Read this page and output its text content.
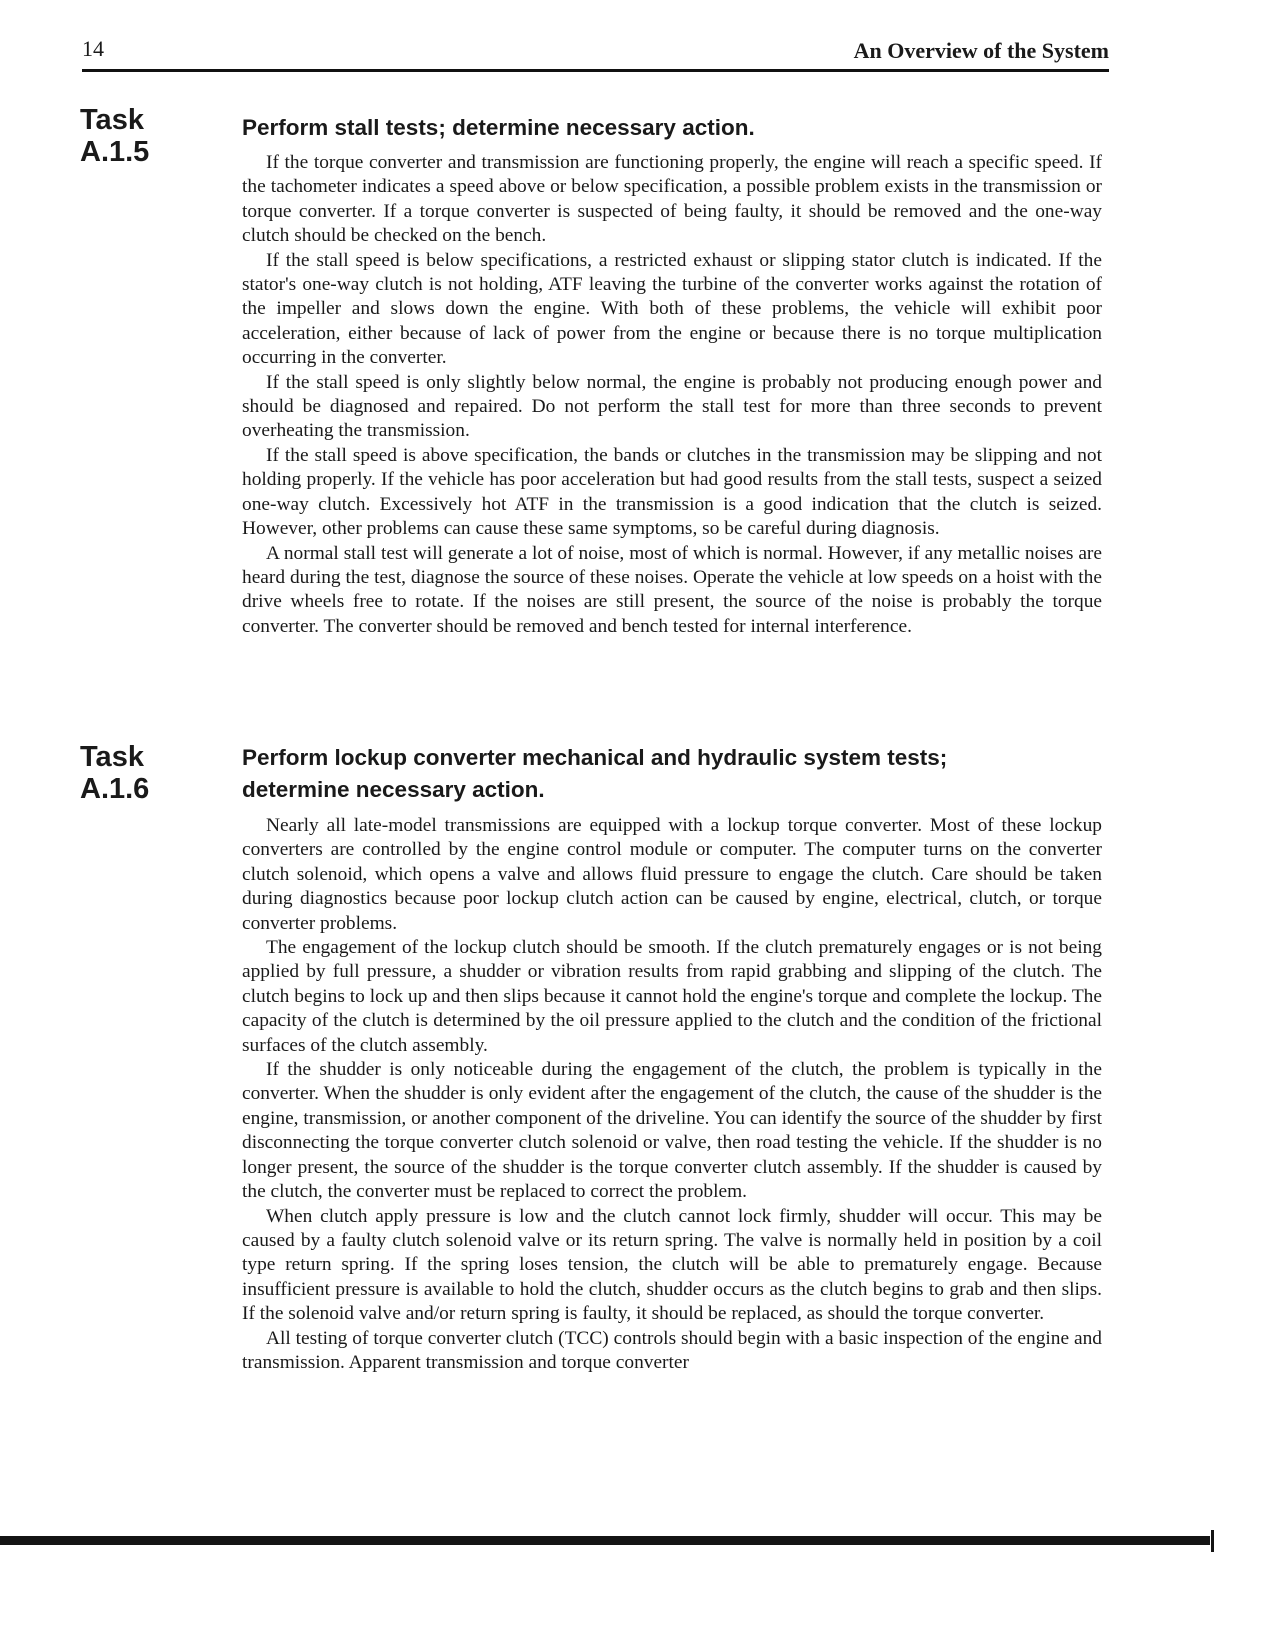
14	An Overview of the System
Task
A.1.5
Perform stall tests; determine necessary action.

If the torque converter and transmission are functioning properly, the engine will reach a specific speed. If the tachometer indicates a speed above or below specification, a possible problem exists in the transmission or torque converter. If a torque converter is suspected of being faulty, it should be removed and the one-way clutch should be checked on the bench.

If the stall speed is below specifications, a restricted exhaust or slipping stator clutch is indicated. If the stator's one-way clutch is not holding, ATF leaving the turbine of the converter works against the rotation of the impeller and slows down the engine. With both of these problems, the vehicle will exhibit poor acceleration, either because of lack of power from the engine or because there is no torque multiplication occurring in the converter.

If the stall speed is only slightly below normal, the engine is probably not producing enough power and should be diagnosed and repaired. Do not perform the stall test for more than three seconds to prevent overheating the transmission.

If the stall speed is above specification, the bands or clutches in the transmission may be slipping and not holding properly. If the vehicle has poor acceleration but had good results from the stall tests, suspect a seized one-way clutch. Excessively hot ATF in the transmission is a good indication that the clutch is seized. However, other problems can cause these same symptoms, so be careful during diagnosis.

A normal stall test will generate a lot of noise, most of which is normal. However, if any metallic noises are heard during the test, diagnose the source of these noises. Operate the vehicle at low speeds on a hoist with the drive wheels free to rotate. If the noises are still present, the source of the noise is probably the torque converter. The converter should be removed and bench tested for internal interference.

Task
A.1.6
Perform lockup converter mechanical and hydraulic system tests;
determine necessary action.

Nearly all late-model transmissions are equipped with a lockup torque converter. Most of these lockup converters are controlled by the engine control module or computer. The computer turns on the converter clutch solenoid, which opens a valve and allows fluid pressure to engage the clutch. Care should be taken during diagnostics because poor lockup clutch action can be caused by engine, electrical, clutch, or torque converter problems.

The engagement of the lockup clutch should be smooth. If the clutch prematurely engages or is not being applied by full pressure, a shudder or vibration results from rapid grabbing and slipping of the clutch. The clutch begins to lock up and then slips because it cannot hold the engine's torque and complete the lockup. The capacity of the clutch is determined by the oil pressure applied to the clutch and the condition of the frictional surfaces of the clutch assembly.

If the shudder is only noticeable during the engagement of the clutch, the problem is typically in the converter. When the shudder is only evident after the engagement of the clutch, the cause of the shudder is the engine, transmission, or another component of the driveline. You can identify the source of the shudder by first disconnecting the torque converter clutch solenoid or valve, then road testing the vehicle. If the shudder is no longer present, the source of the shudder is the torque converter clutch assembly. If the shudder is caused by the clutch, the converter must be replaced to correct the problem.

When clutch apply pressure is low and the clutch cannot lock firmly, shudder will occur. This may be caused by a faulty clutch solenoid valve or its return spring. The valve is normally held in position by a coil type return spring. If the spring loses tension, the clutch will be able to prematurely engage. Because insufficient pressure is available to hold the clutch, shudder occurs as the clutch begins to grab and then slips. If the solenoid valve and/or return spring is faulty, it should be replaced, as should the torque converter.

All testing of torque converter clutch (TCC) controls should begin with a basic inspection of the engine and transmission. Apparent transmission and torque converter
